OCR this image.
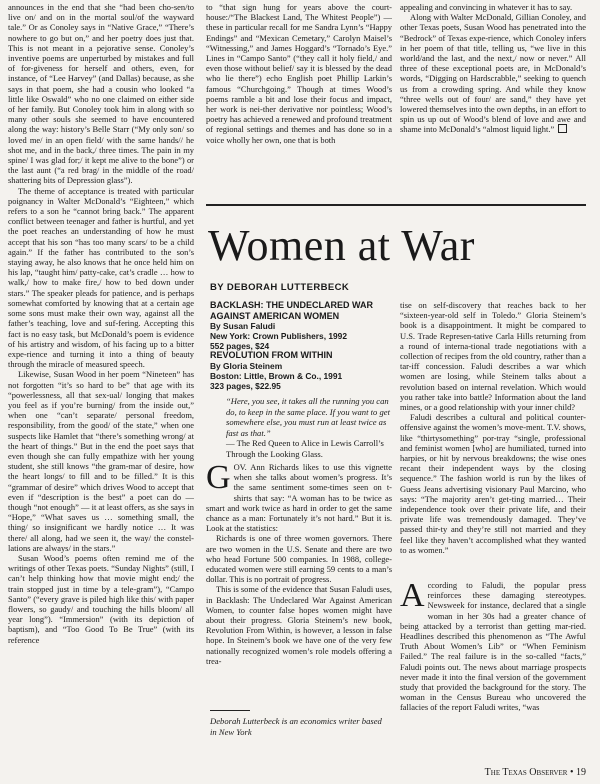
announces in the end that she “had been cho-sen/to live on/ and on in the mortal soul/of the wayward tale.” Or as Conoley says in “Native Grace,” “There’s nowhere to go but on,” and her poetry does just that. This is not meant in a pejorative sense. Conoley’s inventive poems are unperturbed by mistakes and full of for-giveness for herself and others, even, for instance, of “Lee Harvey” (and Dallas) because, as she says in that poem, she had a cousin who looked “a little like Oswald” who no one claimed on either side of her family. But Conoley took him in along with so many other souls she seemed to have encountered along the way: history’s Belle Starr (“My only son/ so loved me/ in an open field/ with the same hands// he shot me, and in the back,/ three times. The pain in my spine/ I was glad for;/ it kept me alive to the bone”) or the last aunt (“a red brag/ in the middle of the road/ shattering bits of Depression glass”).

The theme of acceptance is treated with particular poignancy in Walter McDonald’s “Eighteen,” which refers to a son he “cannot bring back.” The apparent conflict between teenager and father is hurtful, and yet the poet reaches an understanding of how he must accept that his son “has too many scars/ to be a child again.” If the father has contributed to the son’s staying away, he also knows that he once held him on his lap, “taught him/ patty-cake, cat’s cradle … how to walk,/ how to make fire,/ how to bed down under stars.” The speaker pleads for patience, and is perhaps somewhat comforted by knowing that at a certain age some sons must make their own way, against all the father’s teaching, love and suf-fering. Accepting this fact is no easy task, but McDonald’s poem is evidence of his artistry and wisdom, of his facing up to a bitter expe-rience and turning it into a thing of beauty through the miracle of measured speech.

Likewise, Susan Wood in her poem “Nineteen” has not forgotten “it’s so hard to be” that age with its “powerlessness, all that sex-ual/ longing that makes you feel as if you’re burning/ from the inside out,” when one “can’t separate/ personal freedom, responsibility, from the good/ of the state,” when one suspects like Hamlet that “there’s something wrong/ at the heart of things.” But in the end the poet says that even though she can fully empathize with her young student, she still knows “the gram-mar of desire, how the heart longs/ to fill and to be filled.” It is this “grammar of desire” which drives Wood to accept that even if “description is the best” a poet can do — though “not enough” — it at least offers, as she says in “Hope,” “What saves us … something small, the thing/ so insignificant we hardly notice … It was there/ all along, had we seen it, the way/ the constel-lations are always/ in the stars.”

Susan Wood’s poems often remind me of the writings of other Texas poets. “Sunday Nights” (still, I can’t help thinking how that movie might end;/ the train stopped just in time by a tele-gram”), “Campo Santo” (“every grave is piled high like this/ with paper flowers, so gaudy/ and touching the hills bloom/ all year long”). “Immersion” (with its depiction of baptism), and “Too Good To Be True” (with its reference

to “that sign hung for years above the court-house:/“The Blackest Land, The Whitest People”) — these in particular recall for me Sandra Lynn’s “Happy Endings” and “Mexican Cemetary,” Carolyn Maisel’s “Witnessing,” and James Hoggard’s “Tornado’s Eye.” Lines in “Campo Santo” (“they call it holy field,/ and even those without belief/ say it is blessed by the dead who lie there”) echo English poet Phillip Larkin’s famous “Churchgoing.” Though at times Wood’s poems ramble a bit and lose their focus and impact, her work is nei-ther derivative nor pointless; Wood’s poetry has achieved a renewed and profound treatment of regional settings and themes and has done so in a voice wholly her own, one that is both

appealing and convincing in whatever it has to say.

Along with Walter McDonald, Gillian Conoley, and other Texas poets, Susan Wood has penetrated into the “Bedrock” of Texas expe-rience, which Conoley infers in her poem of that title, telling us, “we live in this world/and the last, and the next,/ now or never.” All three of these exceptional poets are, in McDonald’s words, “Digging on Hardscrabble,” seeking to quench us from a crowding spring. And while they know “three wells out of four/ are sand,” they have yet lowered themselves into the own depths, in an effort to spin us up out of Wood’s blend of love and awe and shame into McDonald’s “almost liquid light.”

Women at War
BY DEBORAH LUTTERBECK
BACKLASH: THE UNDECLARED WAR AGAINST AMERICAN WOMEN
By Susan Faludi
New York: Crown Publishers, 1992
552 pages, $24
REVOLUTION FROM WITHIN
By Gloria Steinem
Boston: Little, Brown & Co., 1991
323 pages, $22.95
“Here, you see, it takes all the running you can do, to keep in the same place. If you want to get somewhere else, you must run at least twice as fast as that.”
— The Red Queen to Alice in Lewis Carroll’s Through the Looking Glass.

GOV. Ann Richards likes to use this vignette when she talks about women’s progress. It’s the same sentiment some-times seen on t-shirts that say: “A woman has to be twice as smart and work twice as hard in order to get the same chance as a man: Fortunately it’s not hard.” But it is. Look at the statistics:

Richards is one of three women governors. There are two women in the U.S. Senate and there are two who head Fortune 500 companies. In 1988, college-educated women were still earning 59 cents to a man’s dollar. This is no portrait of progress.

This is some of the evidence that Susan Faludi uses, in Backlash: The Undeclared War Against American Women, to counter false hopes women might have about their progress. Gloria Steinem’s new book, Revolution From Within, is however, a lesson in false hope. In Steinem’s book we have one of the very few nationally recognized women’s role models offering a trea-

Deborah Lutterbeck is an economics writer based in New York

tise on self-discovery that reaches back to her “sixteen-year-old self in Toledo.” Gloria Steinem’s book is a disappointment. It might be compared to U.S. Trade Represen-tative Carla Hills returning from a round of interna-tional trade negotiations with a collection of recipes from the old country, rather than a tar-iff concession. Faludi describes a war which women are losing, while Steinem talks about a revolution based on internal revelation. Which would you rather take into battle? Information about the land mines, or a good relationship with your inner child?

Faludi describes a cultural and political counter-offensive against the women’s move-ment. T.V. shows, like “thirtysomething” por-tray “single, professional and feminist women [who] are humiliated, turned into harpies, or hit by nervous breakdowns; the wise ones recant their independent ways by the closing sequence.” The fashion world is run by the likes of Guess Jeans advertising visionary Paul Marcino, who says: “The majority aren’t get-ting married… Their independence took over their private life, and their private life was tremendously damaged. They’ve passed thir-ty and they’re still not married and they feel like they haven’t accomplished what they wanted to as women.”

According to Faludi, the popular press reinforces these damaging stereotypes. Newsweek for instance, declared that a single woman in her 30s had a greater chance of being attacked by a terrorist than getting mar-ried. Headlines described this phenomenon as “The Awful Truth About Women’s Lib” or “When Feminism Failed.” The real failure is in the so-called “facts,” Faludi points out. The news about marriage prospects never made it into the final version of the government study that provided the background for the story. The woman in the Census Bureau who uncovered the fallacies of the report Faludi writes, “was

The Texas Observer • 19
